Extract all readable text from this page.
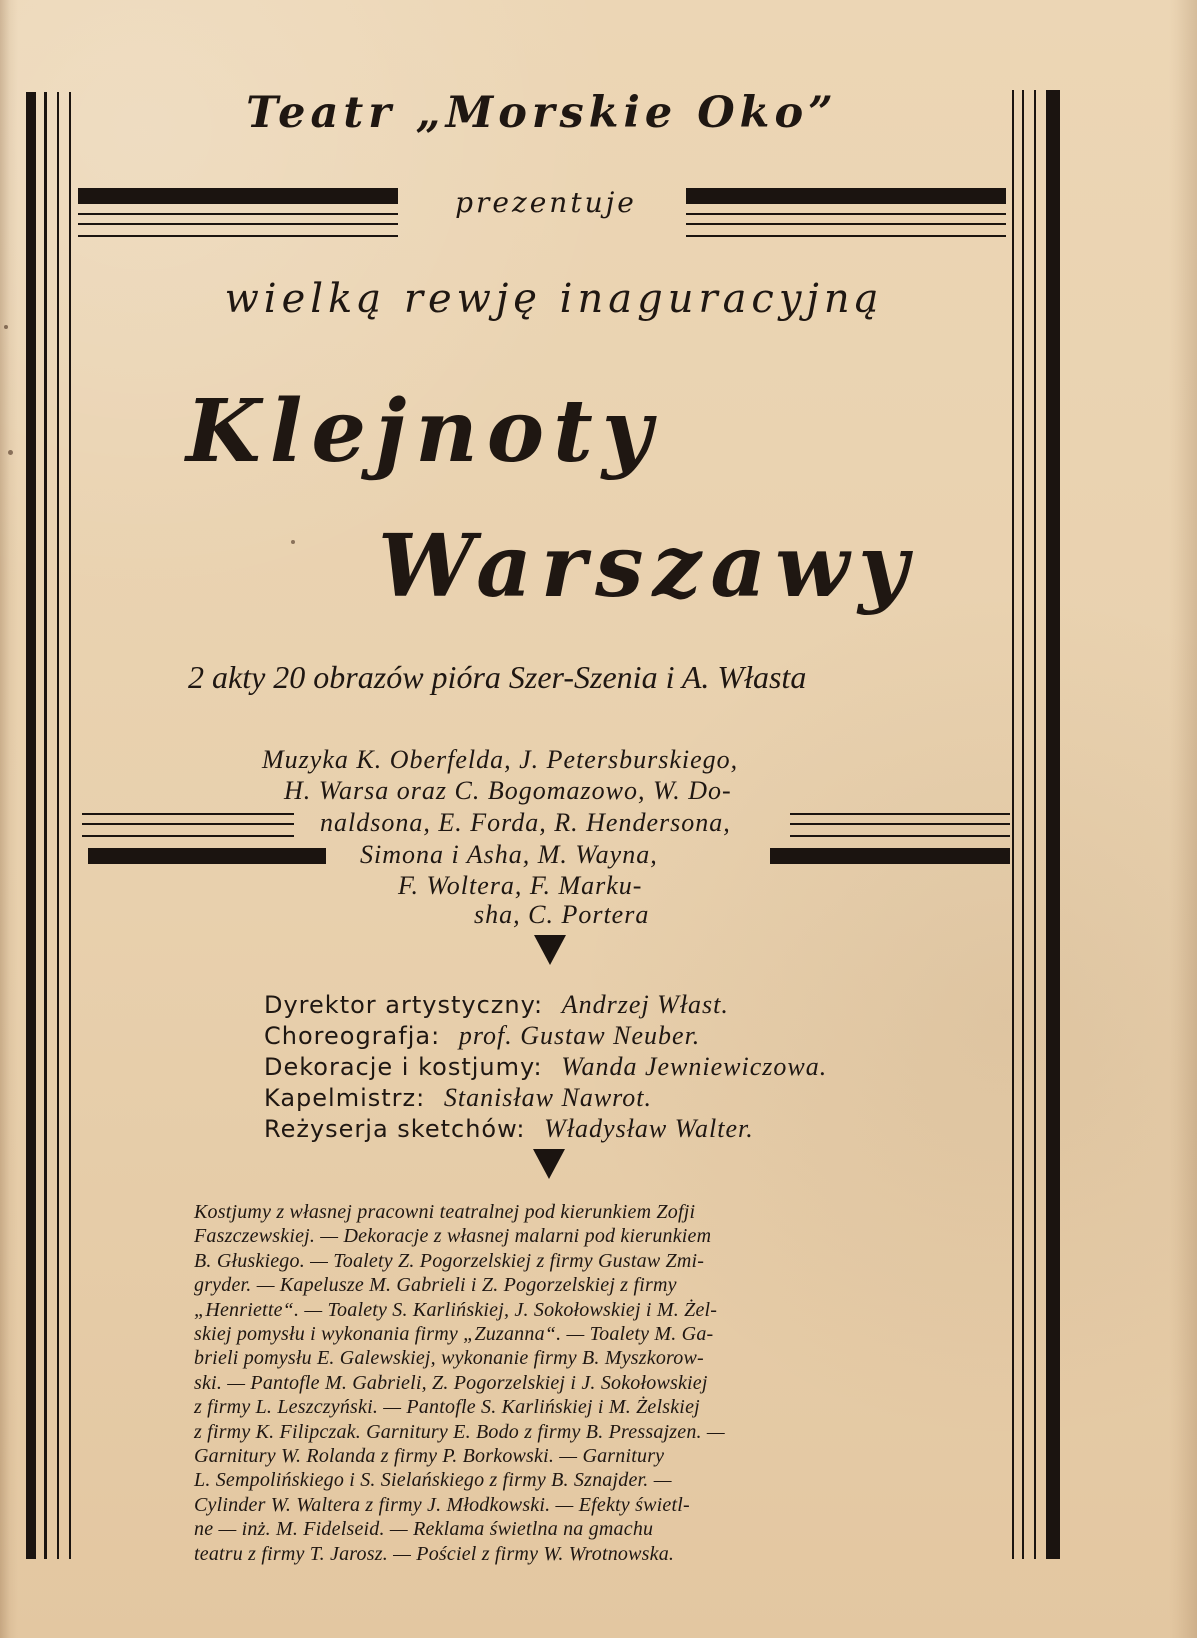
Teatr „Morskie Oko”
prezentuje
wielką rewję inaguracyjną
Klejnoty
Warszawy
2 akty 20 obrazów pióra Szer-Szenia i A. Własta
Muzyka K. Oberfelda, J. Petersburskiego,
H. Warsa oraz C. Bogomazowo, W. Do-
naldsona, E. Forda, R. Hendersona,
Simona i Asha, M. Wayna,
F. Woltera, F. Marku-
sha, C. Portera
Dyrektor artystyczny: Andrzej Włast.
Choreografja: prof. Gustaw Neuber.
Dekoracje i kostjumy: Wanda Jewniewiczowa.
Kapelmistrz: Stanisław Nawrot.
Reżyserja sketchów: Władysław Walter.
Kostjumy z własnej pracowni teatralnej pod kierunkiem Zofji
Faszczewskiej. — Dekoracje z własnej malarni pod kierunkiem
B. Głuskiego. — Toalety Z. Pogorzelskiej z firmy Gustaw Zmi-
gryder. — Kapelusze M. Gabrieli i Z. Pogorzelskiej z firmy
„Henriette“. — Toalety S. Karlińskiej, J. Sokołowskiej i M. Żel-
skiej pomysłu i wykonania firmy „Zuzanna“. — Toalety M. Ga-
brieli pomysłu E. Galewskiej, wykonanie firmy B. Myszkorow-
ski. — Pantofle M. Gabrieli, Z. Pogorzelskiej i J. Sokołowskiej
z firmy L. Leszczyński. — Pantofle S. Karlińskiej i M. Żelskiej
z firmy K. Filipczak. Garnitury E. Bodo z firmy B. Pressajzen. —
Garnitury W. Rolanda z firmy P. Borkowski. — Garnitury
L. Sempolińskiego i S. Sielańskiego z firmy B. Sznajder. —
Cylinder W. Waltera z firmy J. Młodkowski. — Efekty świetl-
ne — inż. M. Fidelseid. — Reklama świetlna na gmachu
teatru z firmy T. Jarosz. — Pościel z firmy W. Wrotnowska.
